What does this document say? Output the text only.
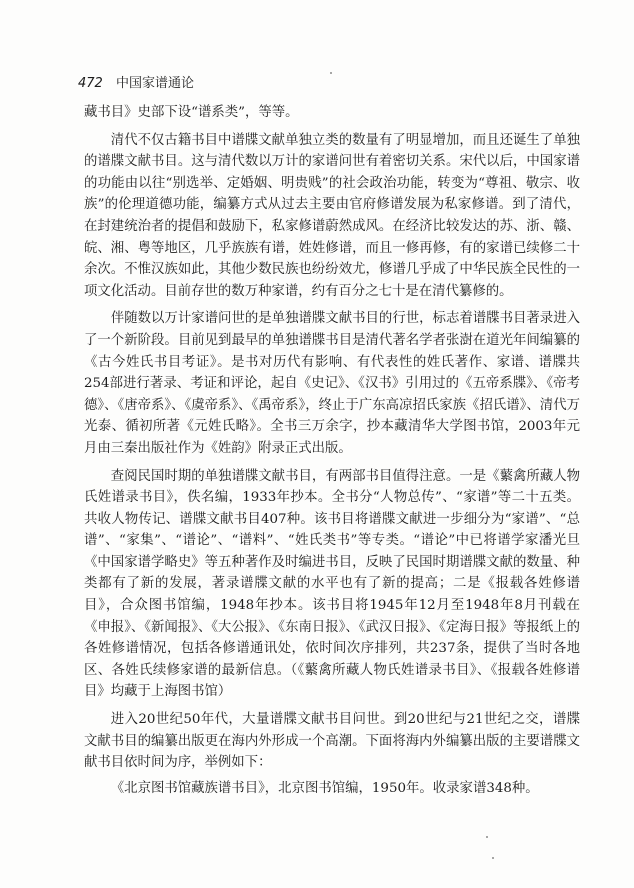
472 中国家谱通论

藏书目》史部下设“谱系类”，等等。

清代不仅古籍书目中谱牒文献单独立类的数量有了明显增加，而且还诞生了单独的谱牒文献书目。这与清代数以万计的家谱问世有着密切关系。宋代以后，中国家谱的功能由以往“别选举、定婚姻、明贵贱”的社会政治功能，转变为“尊祖、敬宗、收族”的伦理道德功能，编纂方式从过去主要由官府修谱发展为私家修谱。到了清代，在封建统治者的提倡和鼓励下，私家修谱蔚然成风。在经济比较发达的苏、浙、赣、皖、湘、粤等地区，几乎族族有谱，姓姓修谱，而且一修再修，有的家谱已续修二十余次。不惟汉族如此，其他少数民族也纷纷效尤，修谱几乎成了中华民族全民性的一项文化活动。目前存世的数万种家谱，约有百分之七十是在清代纂修的。

伴随数以万计家谱问世的是单独谱牒文献书目的行世，标志着谱牒书目著录进入了一个新阶段。目前见到最早的单独谱牒书目是清代著名学者张澍在道光年间编纂的《古今姓氏书目考证》。是书对历代有影响、有代表性的姓氏著作、家谱、谱牒共254部进行著录、考证和评论，起自《史记》、《汉书》引用过的《五帝系牒》、《帝考德》、《唐帝系》、《虞帝系》、《禹帝系》，终止于广东高凉招氏家族《招氏谱》、清代万光泰、循初所著《元姓氏略》。全书三万余字，抄本藏清华大学图书馆，2003年元月由三秦出版社作为《姓韵》附录正式出版。

查阅民国时期的单独谱牒文献书目，有两部书目值得注意。一是《蘩禽所藏人物氏姓谱录书目》，佚名编，1933年抄本。全书分“人物总传”、“家谱”等二十五类。共收人物传记、谱牒文献书目407种。该书目将谱牒文献进一步细分为“家谱”、“总谱”、“家集”、“谱论”、“谱料”、“姓氏类书”等专类。“谱论”中已将谱学家潘光旦《中国家谱学略史》等五种著作及时编进书目，反映了民国时期谱牒文献的数量、种类都有了新的发展，著录谱牒文献的水平也有了新的提高；二是《报载各姓修谱目》，合众图书馆编，1948年抄本。该书目将1945年12月至1948年8月刊载在《申报》、《新闻报》、《大公报》、《东南日报》、《武汉日报》、《定海日报》等报纸上的各姓修谱情况，包括各修谱通讯处，依时间次序排列，共237条，提供了当时各地区、各姓氏续修家谱的最新信息。（《蘩禽所藏人物氏姓谱录书目》、《报载各姓修谱目》均藏于上海图书馆）

进入20世纪50年代，大量谱牒文献书目问世。到20世纪与21世纪之交，谱牒文献书目的编纂出版更在海内外形成一个高潮。下面将海内外编纂出版的主要谱牒文献书目依时间为序，举例如下：

《北京图书馆藏族谱书目》，北京图书馆编，1950年。收录家谱348种。
